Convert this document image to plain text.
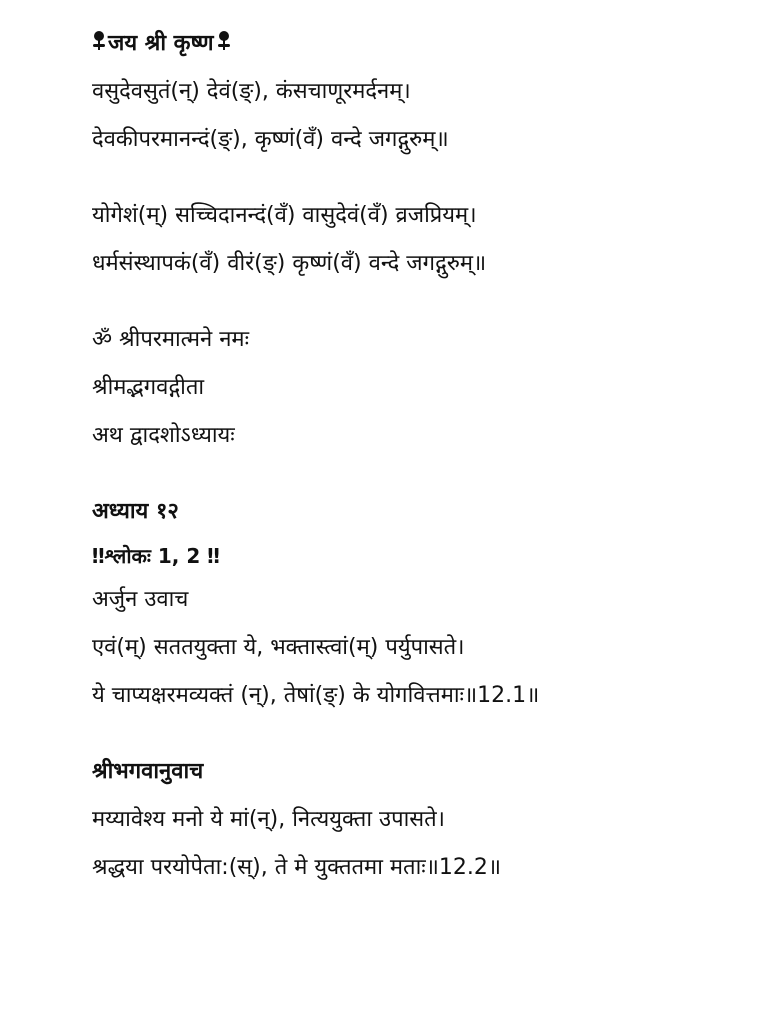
जय श्री कृष्ण

वसुदेवसुतं(न्) देवं(ङ्), कंसचाणूरमर्दनम्।

देवकीपरमानन्दं(ङ्), कृष्णं(वँ) वन्दे जगद्गुरुम्॥

योगेशं(म्) सच्चिदानन्दं(वँ) वासुदेवं(वँ) व्रजप्रियम्।

धर्मसंस्थापकं(वँ) वीरं(ङ्) कृष्णं(वँ) वन्दे जगद्गुरुम्॥

ॐ श्रीपरमात्मने नमः

श्रीमद्भगवद्गीता

अथ द्वादशोऽध्यायः

अध्याय १२

‼श्लोकः 1, 2 ‼

अर्जुन उवाच

एवं(म्) सततयुक्ता ये, भक्तास्त्वां(म्) पर्युपासते।

ये चाप्यक्षरमव्यक्तं (न्), तेषां(ङ्) के योगवित्तमाः॥12.1॥

श्रीभगवानुवाच

मय्यावेश्य मनो ये मां(न्), नित्ययुक्ता उपासते।

श्रद्धया परयोपेता:(स्), ते मे युक्ततमा मताः॥12.2॥
